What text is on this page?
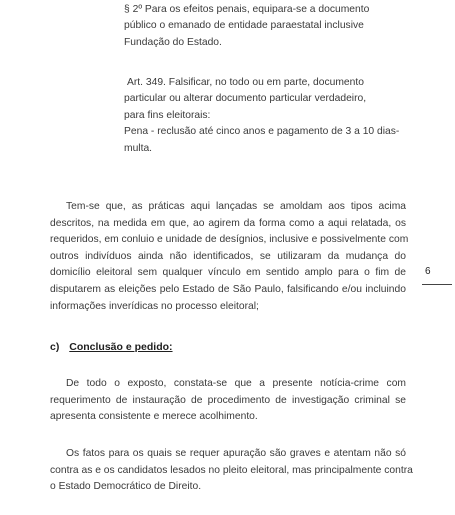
§ 2º Para os efeitos penais, equipara-se a documento
público o emanado de entidade paraestatal inclusive
Fundação do Estado.
Art. 349. Falsificar, no todo ou em parte, documento
particular ou alterar documento particular verdadeiro,
para fins eleitorais:
Pena - reclusão até cinco anos e pagamento de 3 a 10 dias-
multa.
Tem-se que, as práticas aqui lançadas se amoldam aos tipos acima
descritos, na medida em que, ao agirem da forma como a aqui relatada, os
requeridos, em conluio e unidade de desígnios, inclusive e possivelmente com
outros indivíduos ainda não identificados, se utilizaram da mudança do
domicílio eleitoral sem qualquer vínculo em sentido amplo para o fim de
disputarem as eleições pelo Estado de São Paulo, falsificando e/ou incluindo
informações inverídicas no processo eleitoral;
6
c) Conclusão e pedido:
De todo o exposto, constata-se que a presente notícia-crime com
requerimento de instauração de procedimento de investigação criminal se
apresenta consistente e merece acolhimento.
Os fatos para os quais se requer apuração são graves e atentam não só
contra as e os candidatos lesados no pleito eleitoral, mas principalmente contra
o Estado Democrático de Direito.
